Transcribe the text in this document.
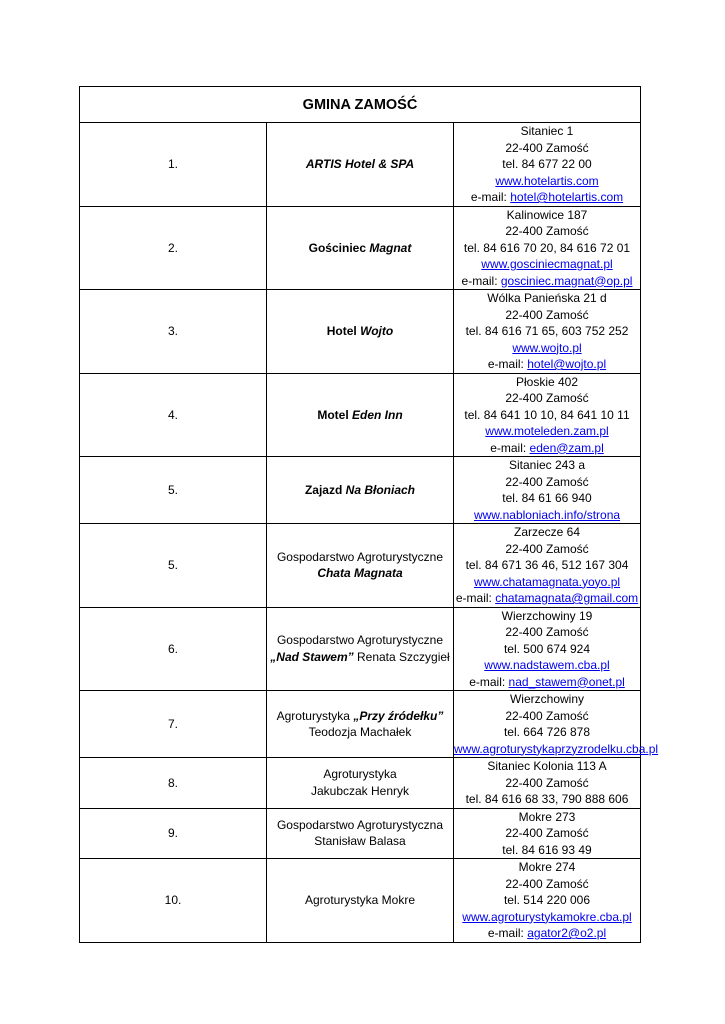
GMINA ZAMOŚĆ		
1.	ARTIS Hotel & SPA	Sitaniec 1
22-400 Zamość
tel. 84 677 22 00
www.hotelartis.com
e-mail: hotel@hotelartis.com

2.	Gościniec Magnat	Kalinowice 187
22-400 Zamość
tel. 84 616 70 20, 84 616 72 01
www.gosciniecmagnat.pl
e-mail: gosciniec.magnat@op.pl

3.	Hotel Wojto	Wólka Panieńska 21 d
22-400 Zamość
tel. 84 616 71 65, 603 752 252
www.wojto.pl
e-mail: hotel@wojto.pl

4.	Motel Eden Inn	Płoskie 402
22-400 Zamość
tel. 84 641 10 10, 84 641 10 11
www.moteleden.zam.pl
e-mail: eden@zam.pl

5.	Zajazd Na Błoniach	Sitaniec 243 a
22-400 Zamość
tel. 84 61 66 940
www.nabloniach.info/strona

5.	Gospodarstwo Agroturystyczne
Chata Magnata	Zarzecze 64
22-400 Zamość
tel. 84 671 36 46, 512 167 304
www.chatamagnata.yoyo.pl
e-mail: chatamagnata@gmail.com

6.	Gospodarstwo Agroturystyczne
„Nad Stawem” Renata Szczygieł	Wierzchowiny 19
22-400 Zamość
tel. 500 674 924
www.nadstawem.cba.pl
e-mail: nad_stawem@onet.pl

7.	Agroturystyka „Przy źródełku”
Teodozja Machałek	Wierzchowiny
22-400 Zamość
tel. 664 726 878
www.agroturystykaprzyzrodelku.cba.pl

8.	Agroturystyka
Jakubczak Henryk	Sitaniec Kolonia 113 A
22-400 Zamość
tel. 84 616 68 33, 790 888 606

9.	Gospodarstwo Agroturystyczna
Stanisław Balasa	Mokre 273
22-400 Zamość
tel. 84 616 93 49

10.	Agroturystyka Mokre	Mokre 274
22-400 Zamość
tel. 514 220 006
www.agroturystykamokre.cba.pl
e-mail: agator2@o2.pl
